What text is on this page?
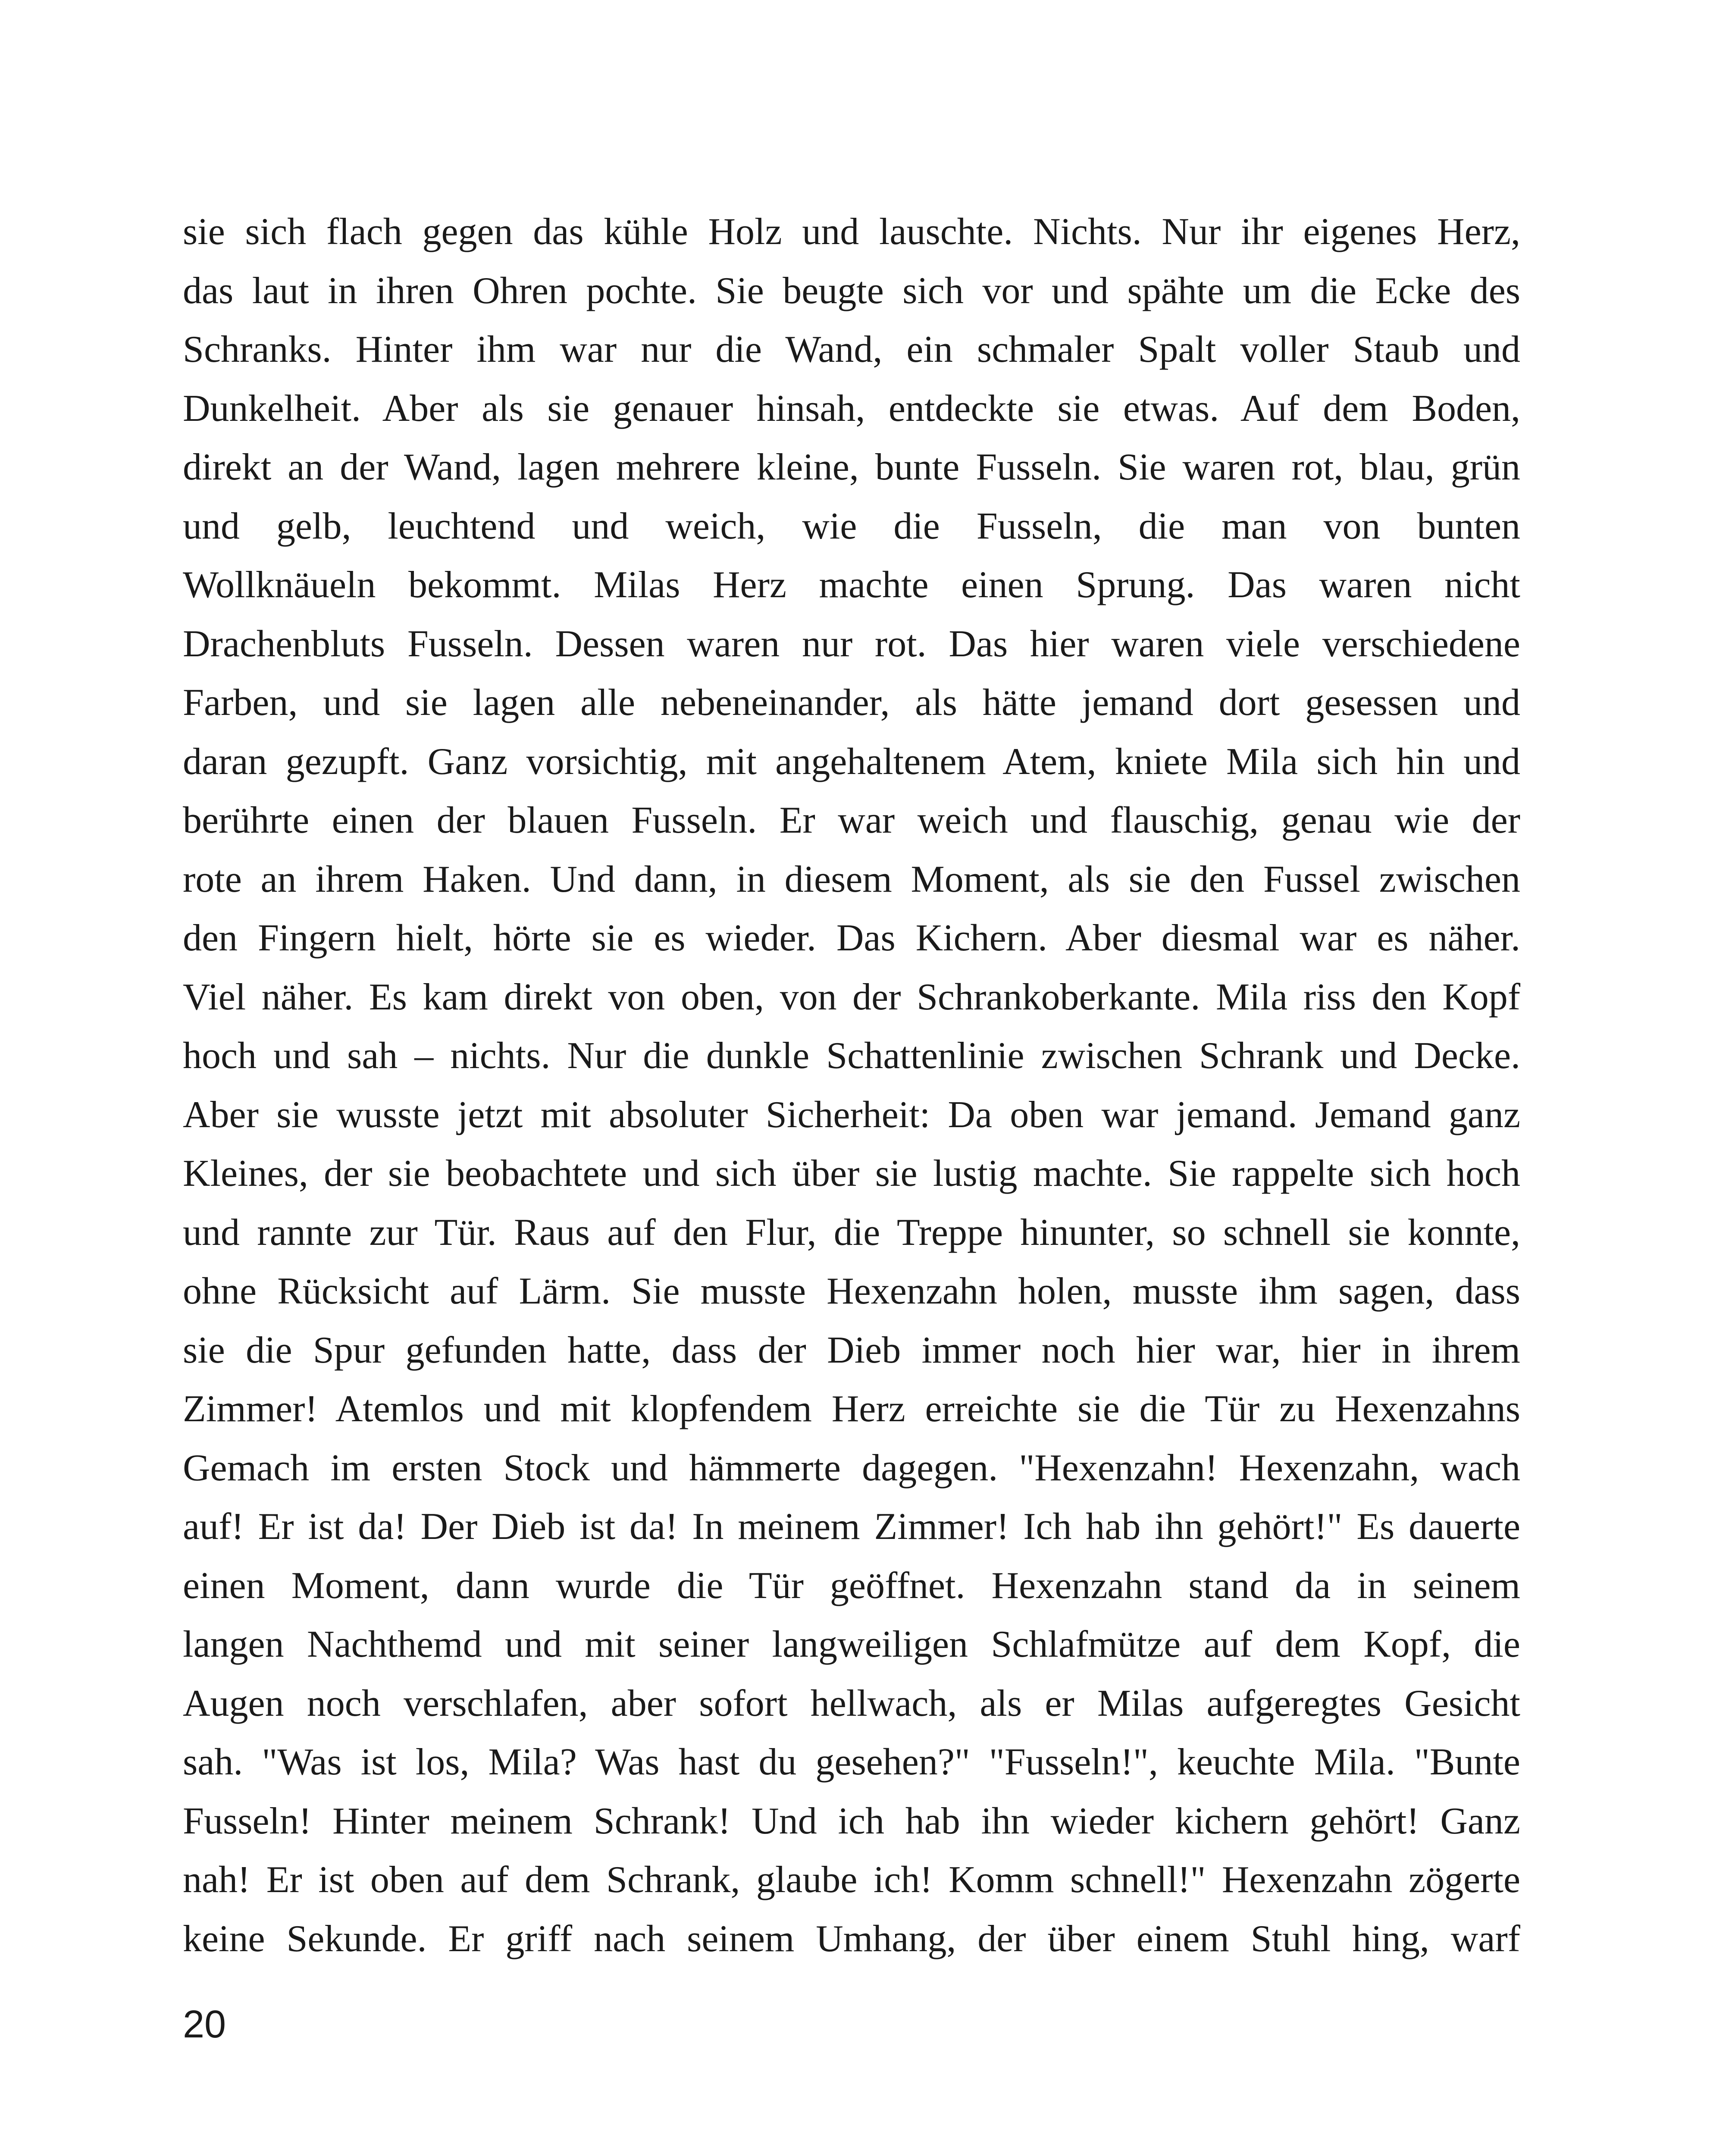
sie sich flach gegen das kühle Holz und lauschte. Nichts. Nur ihr eigenes Herz,
das laut in ihren Ohren pochte. Sie beugte sich vor und spähte um die Ecke des
Schranks. Hinter ihm war nur die Wand, ein schmaler Spalt voller Staub und
Dunkelheit. Aber als sie genauer hinsah, entdeckte sie etwas. Auf dem Boden,
direkt an der Wand, lagen mehrere kleine, bunte Fusseln. Sie waren rot, blau, grün
und gelb, leuchtend und weich, wie die Fusseln, die man von bunten
Wollknäueln bekommt. Milas Herz machte einen Sprung. Das waren nicht
Drachenbluts Fusseln. Dessen waren nur rot. Das hier waren viele verschiedene
Farben, und sie lagen alle nebeneinander, als hätte jemand dort gesessen und
daran gezupft. Ganz vorsichtig, mit angehaltenem Atem, kniete Mila sich hin und
berührte einen der blauen Fusseln. Er war weich und flauschig, genau wie der
rote an ihrem Haken. Und dann, in diesem Moment, als sie den Fussel zwischen
den Fingern hielt, hörte sie es wieder. Das Kichern. Aber diesmal war es näher.
Viel näher. Es kam direkt von oben, von der Schrankoberkante. Mila riss den Kopf
hoch und sah – nichts. Nur die dunkle Schattenlinie zwischen Schrank und Decke.
Aber sie wusste jetzt mit absoluter Sicherheit: Da oben war jemand. Jemand ganz
Kleines, der sie beobachtete und sich über sie lustig machte. Sie rappelte sich hoch
und rannte zur Tür. Raus auf den Flur, die Treppe hinunter, so schnell sie konnte,
ohne Rücksicht auf Lärm. Sie musste Hexenzahn holen, musste ihm sagen, dass
sie die Spur gefunden hatte, dass der Dieb immer noch hier war, hier in ihrem
Zimmer! Atemlos und mit klopfendem Herz erreichte sie die Tür zu Hexenzahns
Gemach im ersten Stock und hämmerte dagegen. "Hexenzahn! Hexenzahn, wach
auf! Er ist da! Der Dieb ist da! In meinem Zimmer! Ich hab ihn gehört!" Es dauerte
einen Moment, dann wurde die Tür geöffnet. Hexenzahn stand da in seinem
langen Nachthemd und mit seiner langweiligen Schlafmütze auf dem Kopf, die
Augen noch verschlafen, aber sofort hellwach, als er Milas aufgeregtes Gesicht
sah. "Was ist los, Mila? Was hast du gesehen?" "Fusseln!", keuchte Mila. "Bunte
Fusseln! Hinter meinem Schrank! Und ich hab ihn wieder kichern gehört! Ganz
nah! Er ist oben auf dem Schrank, glaube ich! Komm schnell!" Hexenzahn zögerte
keine Sekunde. Er griff nach seinem Umhang, der über einem Stuhl hing, warf
20
